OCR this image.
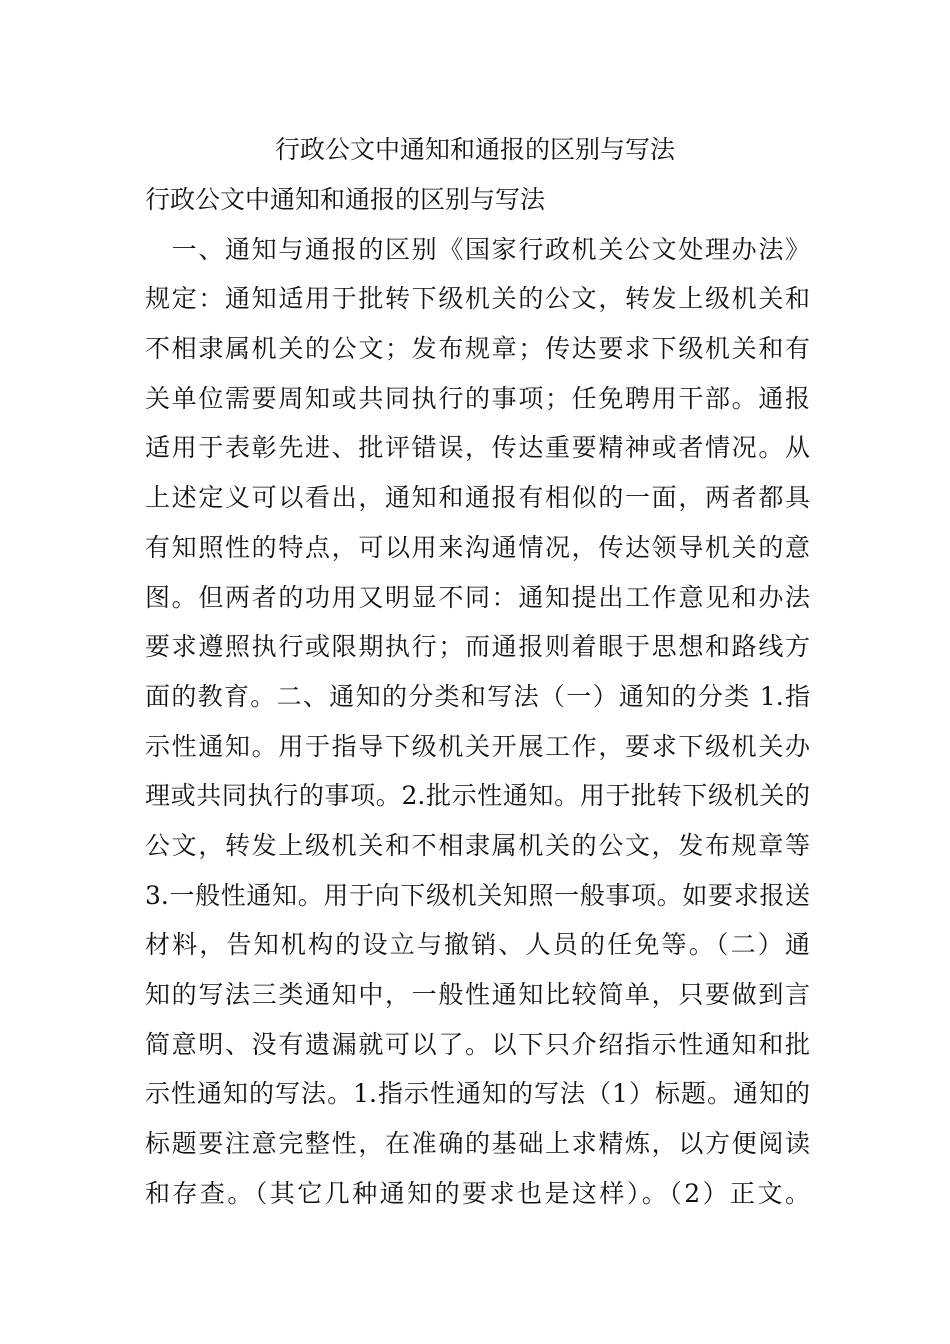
行政公文中通知和通报的区别与写法
行政公文中通知和通报的区别与写法
　一、通知与通报的区别《国家行政机关公文处理办法》
规定：通知适用于批转下级机关的公文，转发上级机关和
不相隶属机关的公文；发布规章；传达要求下级机关和有
关单位需要周知或共同执行的事项；任免聘用干部。通报
适用于表彰先进、批评错误，传达重要精神或者情况。从
上述定义可以看出，通知和通报有相似的一面，两者都具
有知照性的特点，可以用来沟通情况，传达领导机关的意
图。但两者的功用又明显不同：通知提出工作意见和办法
要求遵照执行或限期执行；而通报则着眼于思想和路线方
面的教育。二、通知的分类和写法（一）通知的分类 1.指
示性通知。用于指导下级机关开展工作，要求下级机关办
理或共同执行的事项。2.批示性通知。用于批转下级机关的
公文，转发上级机关和不相隶属机关的公文，发布规章等
3.一般性通知。用于向下级机关知照一般事项。如要求报送
材料，告知机构的设立与撤销、人员的任免等。（二）通
知的写法三类通知中，一般性通知比较简单，只要做到言
简意明、没有遗漏就可以了。以下只介绍指示性通知和批
示性通知的写法。1.指示性通知的写法（1）标题。通知的
标题要注意完整性，在准确的基础上求精炼，以方便阅读
和存查。（其它几种通知的要求也是这样）。（2）正文。
